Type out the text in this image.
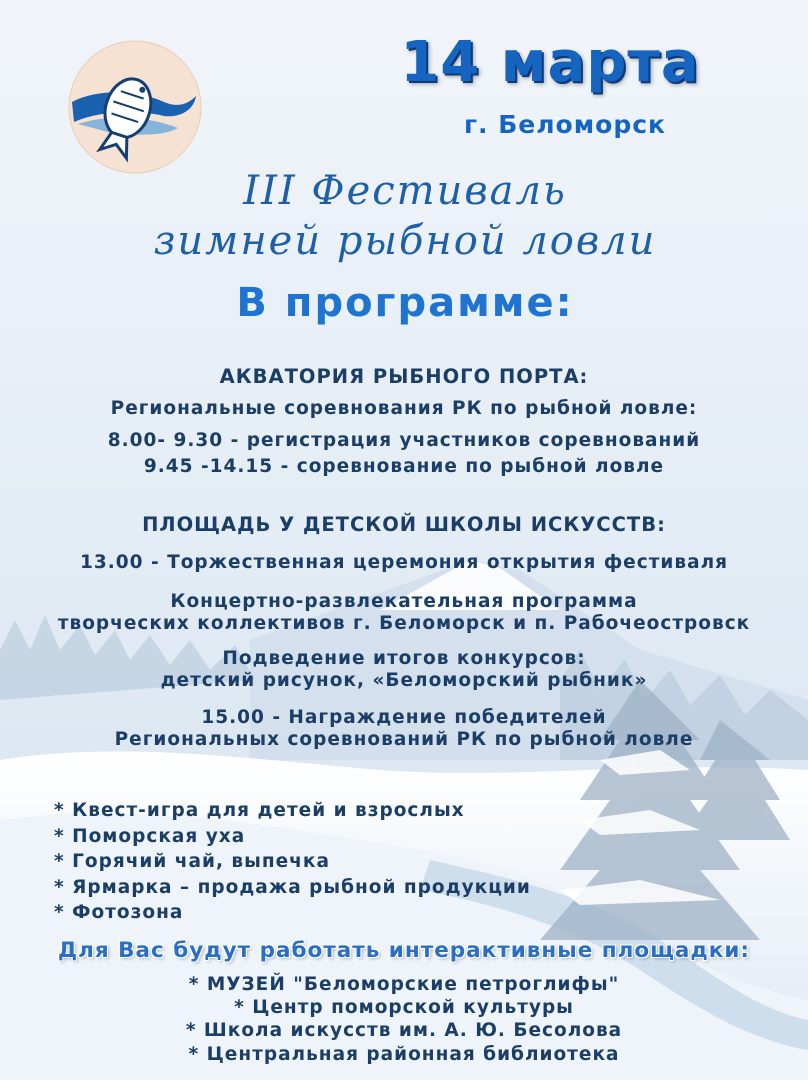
14 марта
г. Беломорск
III Фестиваль
зимней рыбной ловли
В программе:
АКВАТОРИЯ РЫБНОГО ПОРТА:
Региональные соревнования РК по рыбной ловле:
8.00- 9.30 - регистрация участников соревнований
9.45 -14.15 - соревнование по рыбной ловле
ПЛОЩАДЬ У ДЕТСКОЙ ШКОЛЫ ИСКУССТВ:
13.00 - Торжественная церемония открытия фестиваля
Концертно-развлекательная программа
творческих коллективов г. Беломорск и п. Рабочеостровск
Подведение итогов конкурсов:
детский рисунок, «Беломорский рыбник»
15.00 - Награждение победителей
Региональных соревнований РК по рыбной ловле
* Квест-игра для детей и взрослых
* Поморская уха
* Горячий чай, выпечка
* Ярмарка – продажа рыбной продукции
* Фотозона
Для Вас будут работать интерактивные площадки:
* МУЗЕЙ "Беломорские петроглифы"
* Центр поморской культуры
* Школа искусств им. А. Ю. Бесолова
* Центральная районная библиотека
